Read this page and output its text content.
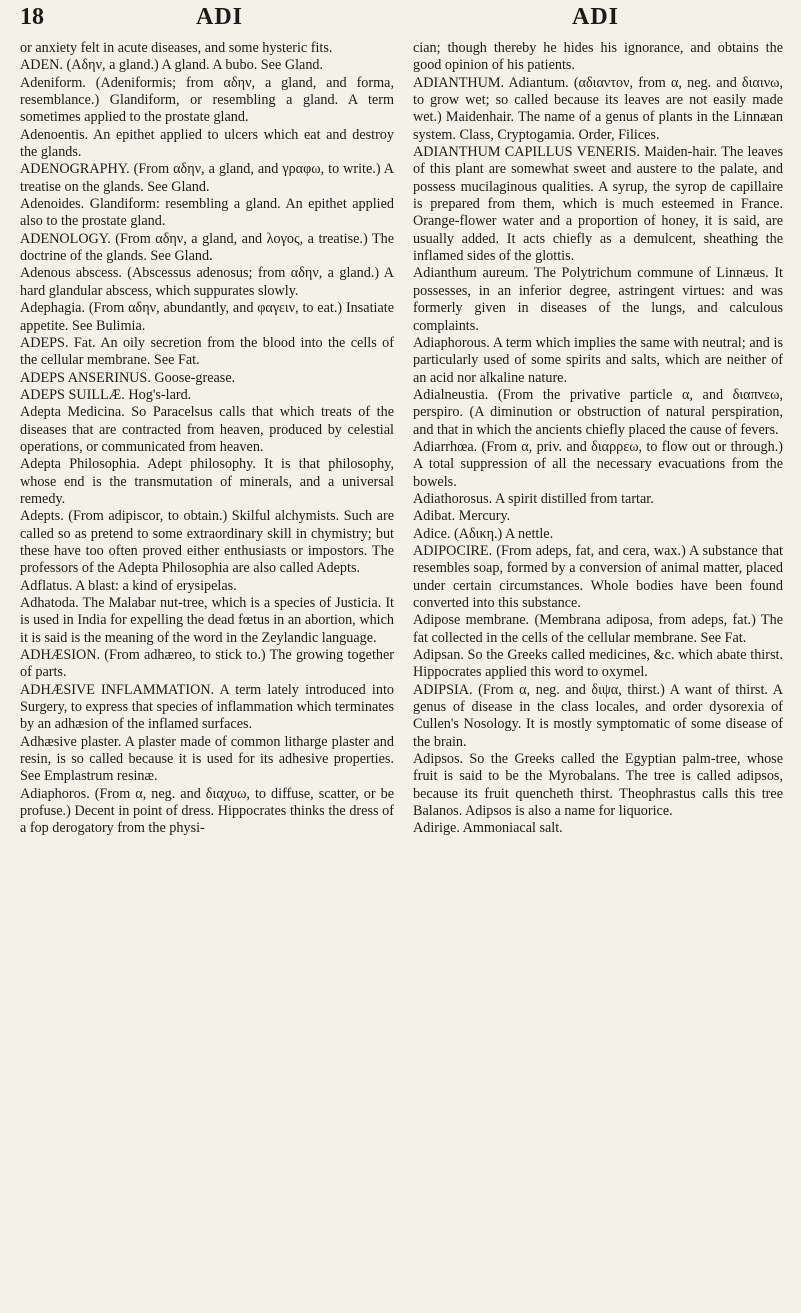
18	ADI	ADI

or anxiety felt in acute diseases, and some hysteric fits.

ADEN. (Aδην, a gland.) A gland. A bubo. See Gland.

Adeniform. (Adeniformis; from αδην, a gland, and forma, resemblance.) Glandiform, or resembling a gland. A term sometimes applied to the prostate gland.

Adenoentis. An epithet applied to ulcers which eat and destroy the glands.

ADENOGRAPHY. (From αδην, a gland, and γραφω, to write.) A treatise on the glands. See Gland.

Adenoides. Glandiform: resembling a gland. An epithet applied also to the prostate gland.

ADENOLOGY. (From αδην, a gland, and λογος, a treatise.) The doctrine of the glands. See Gland.

Adenous abscess. (Abscessus adenosus; from αδην, a gland.) A hard glandular abscess, which suppurates slowly.

Adephagia. (From αδην, abundantly, and φαγειν, to eat.) Insatiate appetite. See Bulimia.

ADEPS. Fat. An oily secretion from the blood into the cells of the cellular membrane. See Fat.

ADEPS ANSERINUS. Goose-grease.

ADEPS SUILLÆ. Hog's-lard.

Adepta Medicina. So Paracelsus calls that which treats of the diseases that are contracted from heaven, produced by celestial operations, or communicated from heaven.

Adepta Philosophia. Adept philosophy. It is that philosophy, whose end is the transmutation of minerals, and a universal remedy.

Adepts. (From adipiscor, to obtain.) Skilful alchymists. Such are called so as pretend to some extraordinary skill in chymistry; but these have too often proved either enthusiasts or impostors. The professors of the Adepta Philosophia are also called Adepts.

Adflatus. A blast: a kind of erysipelas.

Adhatoda. The Malabar nut-tree, which is a species of Justicia. It is used in India for expelling the dead fœtus in an abortion, which it is said is the meaning of the word in the Zeylandic language.

ADHÆSION. (From adhæreo, to stick to.) The growing together of parts.

ADHÆSIVE INFLAMMATION. A term lately introduced into Surgery, to express that species of inflammation which terminates by an adhæsion of the inflamed surfaces.

Adhæsive plaster. A plaster made of common litharge plaster and resin, is so called because it is used for its adhesive properties. See Emplastrum resinæ.

Adiaphoros. (From α, neg. and διαχυω, to diffuse, scatter, or be profuse.) Decent in point of dress. Hippocrates thinks the dress of a fop derogatory from the physi-

cian; though thereby he hides his ignorance, and obtains the good opinion of his patients.

ADIANTHUM. Adiantum. (αδιαντον, from α, neg. and διαινω, to grow wet; so called because its leaves are not easily made wet.) Maidenhair. The name of a genus of plants in the Linnæan system. Class, Cryptogamia. Order, Filices.

ADIANTHUM CAPILLUS VENERIS. Maiden-hair. The leaves of this plant are somewhat sweet and austere to the palate, and possess mucilaginous qualities. A syrup, the syrop de capillaire is prepared from them, which is much esteemed in France. Orange-flower water and a proportion of honey, it is said, are usually added. It acts chiefly as a demulcent, sheathing the inflamed sides of the glottis.

Adianthum aureum. The Polytrichum commune of Linnæus. It possesses, in an inferior degree, astringent virtues: and was formerly given in diseases of the lungs, and calculous complaints.

Adiaphorous. A term which implies the same with neutral; and is particularly used of some spirits and salts, which are neither of an acid nor alkaline nature.

Adialneustia. (From the privative particle α, and διαπνεω, perspiro. (A diminution or obstruction of natural perspiration, and that in which the ancients chiefly placed the cause of fevers.

Adiarrhœa. (From α, priv. and διαρρεω, to flow out or through.) A total suppression of all the necessary evacuations from the bowels.

Adiathorosus. A spirit distilled from tartar.

Adibat. Mercury.

Adice. (Αδικη.) A nettle.

ADIPOCIRE. (From adeps, fat, and cera, wax.) A substance that resembles soap, formed by a conversion of animal matter, placed under certain circumstances. Whole bodies have been found converted into this substance.

Adipose membrane. (Membrana adiposa, from adeps, fat.) The fat collected in the cells of the cellular membrane. See Fat.

Adipsan. So the Greeks called medicines, &c. which abate thirst. Hippocrates applied this word to oxymel.

ADIPSIA. (From α, neg. and διψα, thirst.) A want of thirst. A genus of disease in the class locales, and order dysorexia of Cullen's Nosology. It is mostly symptomatic of some disease of the brain.

Adipsos. So the Greeks called the Egyptian palm-tree, whose fruit is said to be the Myrobalans. The tree is called adipsos, because its fruit quencheth thirst. Theophrastus calls this tree Balanos. Adipsos is also a name for liquorice.

Adirige. Ammoniacal salt.
